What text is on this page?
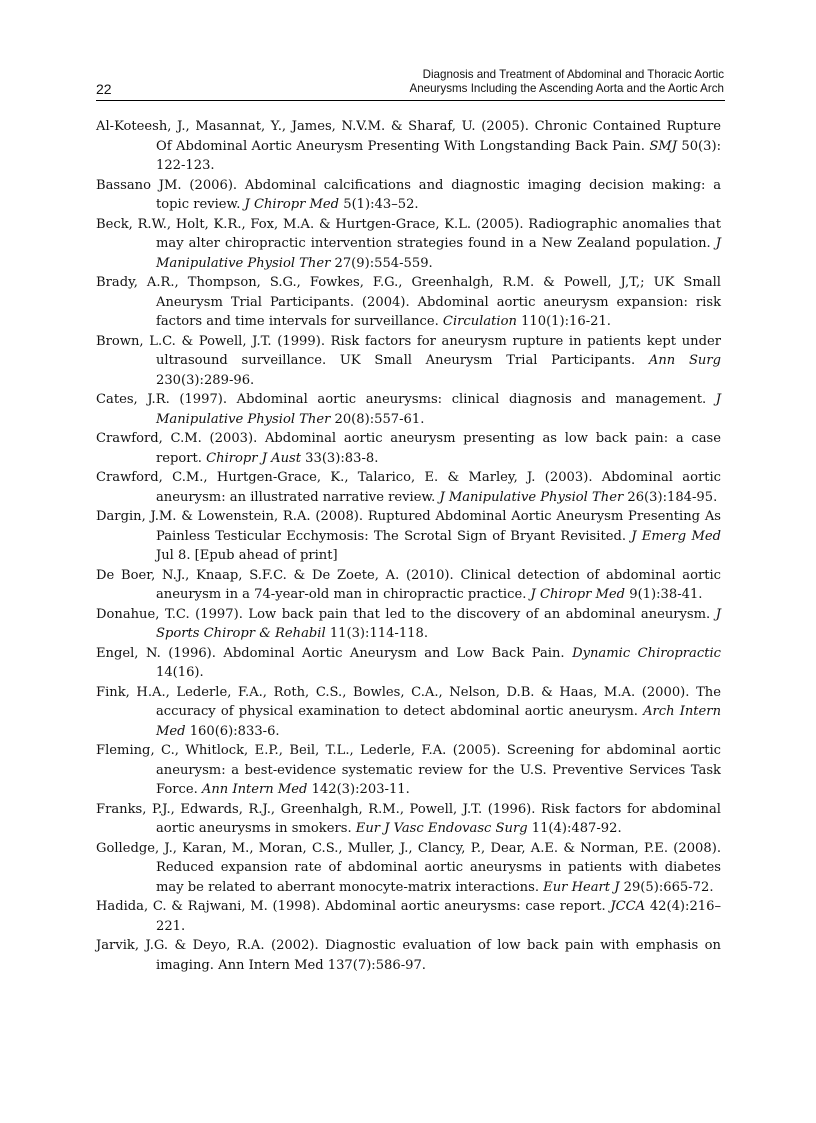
22
Diagnosis and Treatment of Abdominal and Thoracic Aortic
Aneurysms Including the Ascending Aorta and the Aortic Arch

Al-Koteesh, J., Masannat, Y., James, N.V.M. & Sharaf, U. (2005). Chronic Contained Rupture Of Abdominal Aortic Aneurysm Presenting With Longstanding Back Pain. SMJ 50(3): 122-123.

Bassano JM. (2006). Abdominal calcifications and diagnostic imaging decision making: a topic review. J Chiropr Med 5(1):43–52.

Beck, R.W., Holt, K.R., Fox, M.A. & Hurtgen-Grace, K.L. (2005). Radiographic anomalies that may alter chiropractic intervention strategies found in a New Zealand population. J Manipulative Physiol Ther 27(9):554-559.

Brady, A.R., Thompson, S.G., Fowkes, F.G., Greenhalgh, R.M. & Powell, J,T,; UK Small Aneurysm Trial Participants. (2004). Abdominal aortic aneurysm expansion: risk factors and time intervals for surveillance. Circulation 110(1):16-21.

Brown, L.C. & Powell, J.T. (1999). Risk factors for aneurysm rupture in patients kept under ultrasound surveillance. UK Small Aneurysm Trial Participants. Ann Surg 230(3):289-96.

Cates, J.R. (1997). Abdominal aortic aneurysms: clinical diagnosis and management. J Manipulative Physiol Ther 20(8):557-61.

Crawford, C.M. (2003). Abdominal aortic aneurysm presenting as low back pain: a case report. Chiropr J Aust 33(3):83-8.

Crawford, C.M., Hurtgen-Grace, K., Talarico, E. & Marley, J. (2003). Abdominal aortic aneurysm: an illustrated narrative review. J Manipulative Physiol Ther 26(3):184-95.

Dargin, J.M. & Lowenstein, R.A. (2008). Ruptured Abdominal Aortic Aneurysm Presenting As Painless Testicular Ecchymosis: The Scrotal Sign of Bryant Revisited. J Emerg Med Jul 8. [Epub ahead of print]

De Boer, N.J., Knaap, S.F.C. & De Zoete, A. (2010). Clinical detection of abdominal aortic aneurysm in a 74-year-old man in chiropractic practice. J Chiropr Med 9(1):38-41.

Donahue, T.C. (1997). Low back pain that led to the discovery of an abdominal aneurysm. J Sports Chiropr & Rehabil 11(3):114-118.

Engel, N. (1996). Abdominal Aortic Aneurysm and Low Back Pain. Dynamic Chiropractic 14(16).

Fink, H.A., Lederle, F.A., Roth, C.S., Bowles, C.A., Nelson, D.B. & Haas, M.A. (2000). The accuracy of physical examination to detect abdominal aortic aneurysm. Arch Intern Med 160(6):833-6.

Fleming, C., Whitlock, E.P., Beil, T.L., Lederle, F.A. (2005). Screening for abdominal aortic aneurysm: a best-evidence systematic review for the U.S. Preventive Services Task Force. Ann Intern Med 142(3):203-11.

Franks, P.J., Edwards, R.J., Greenhalgh, R.M., Powell, J.T. (1996). Risk factors for abdominal aortic aneurysms in smokers. Eur J Vasc Endovasc Surg 11(4):487-92.

Golledge, J., Karan, M., Moran, C.S., Muller, J., Clancy, P., Dear, A.E. & Norman, P.E. (2008). Reduced expansion rate of abdominal aortic aneurysms in patients with diabetes may be related to aberrant monocyte-matrix interactions. Eur Heart J 29(5):665-72.

Hadida, C. & Rajwani, M. (1998). Abdominal aortic aneurysms: case report. JCCA 42(4):216–221.

Jarvik, J.G. & Deyo, R.A. (2002). Diagnostic evaluation of low back pain with emphasis on imaging. Ann Intern Med 137(7):586-97.
